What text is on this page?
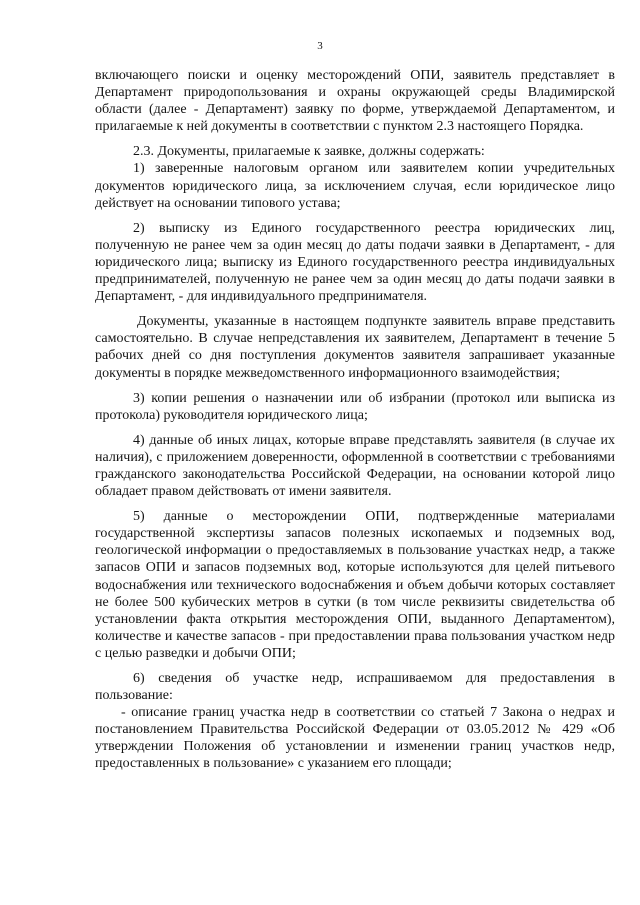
3

включающего поиски и оценку месторождений ОПИ, заявитель представляет в Департамент природопользования и охраны окружающей среды Владимирской области (далее - Департамент) заявку по форме, утверждаемой Департаментом, и прилагаемые к ней документы в соответствии с пунктом 2.3 настоящего Порядка.

2.3. Документы, прилагаемые к заявке, должны содержать:

1) заверенные налоговым органом или заявителем копии учредительных документов юридического лица, за исключением случая, если юридическое лицо действует на основании типового устава;

2) выписку из Единого государственного реестра юридических лиц, полученную не ранее чем за один месяц до даты подачи заявки в Департамент, - для юридического лица; выписку из Единого государственного реестра индивидуальных предпринимателей, полученную не ранее чем за один месяц до даты подачи заявки в Департамент, - для индивидуального предпринимателя.

Документы, указанные в настоящем подпункте заявитель вправе представить самостоятельно. В случае непредставления их заявителем, Департамент в течение 5 рабочих дней со дня поступления документов заявителя запрашивает указанные документы в порядке межведомственного информационного взаимодействия;

3) копии решения о назначении или об избрании (протокол или выписка из протокола) руководителя юридического лица;

4) данные об иных лицах, которые вправе представлять заявителя (в случае их наличия), с приложением доверенности, оформленной в соответствии с требованиями гражданского законодательства Российской Федерации, на основании которой лицо обладает правом действовать от имени заявителя.

5) данные о месторождении ОПИ, подтвержденные материалами государственной экспертизы запасов полезных ископаемых и подземных вод, геологической информации о предоставляемых в пользование участках недр, а также запасов ОПИ и запасов подземных вод, которые используются для целей питьевого водоснабжения или технического водоснабжения и объем добычи которых составляет не более 500 кубических метров в сутки (в том числе реквизиты свидетельства об установлении факта открытия месторождения ОПИ, выданного Департаментом), количестве и качестве запасов - при предоставлении права пользования участком недр с целью разведки и добычи ОПИ;

6) сведения об участке недр, испрашиваемом для предоставления в пользование:

- описание границ участка недр в соответствии со статьей 7 Закона о недрах и постановлением Правительства Российской Федерации от 03.05.2012 № 429 «Об утверждении Положения об установлении и изменении границ участков недр, предоставленных в пользование» с указанием его площади;
